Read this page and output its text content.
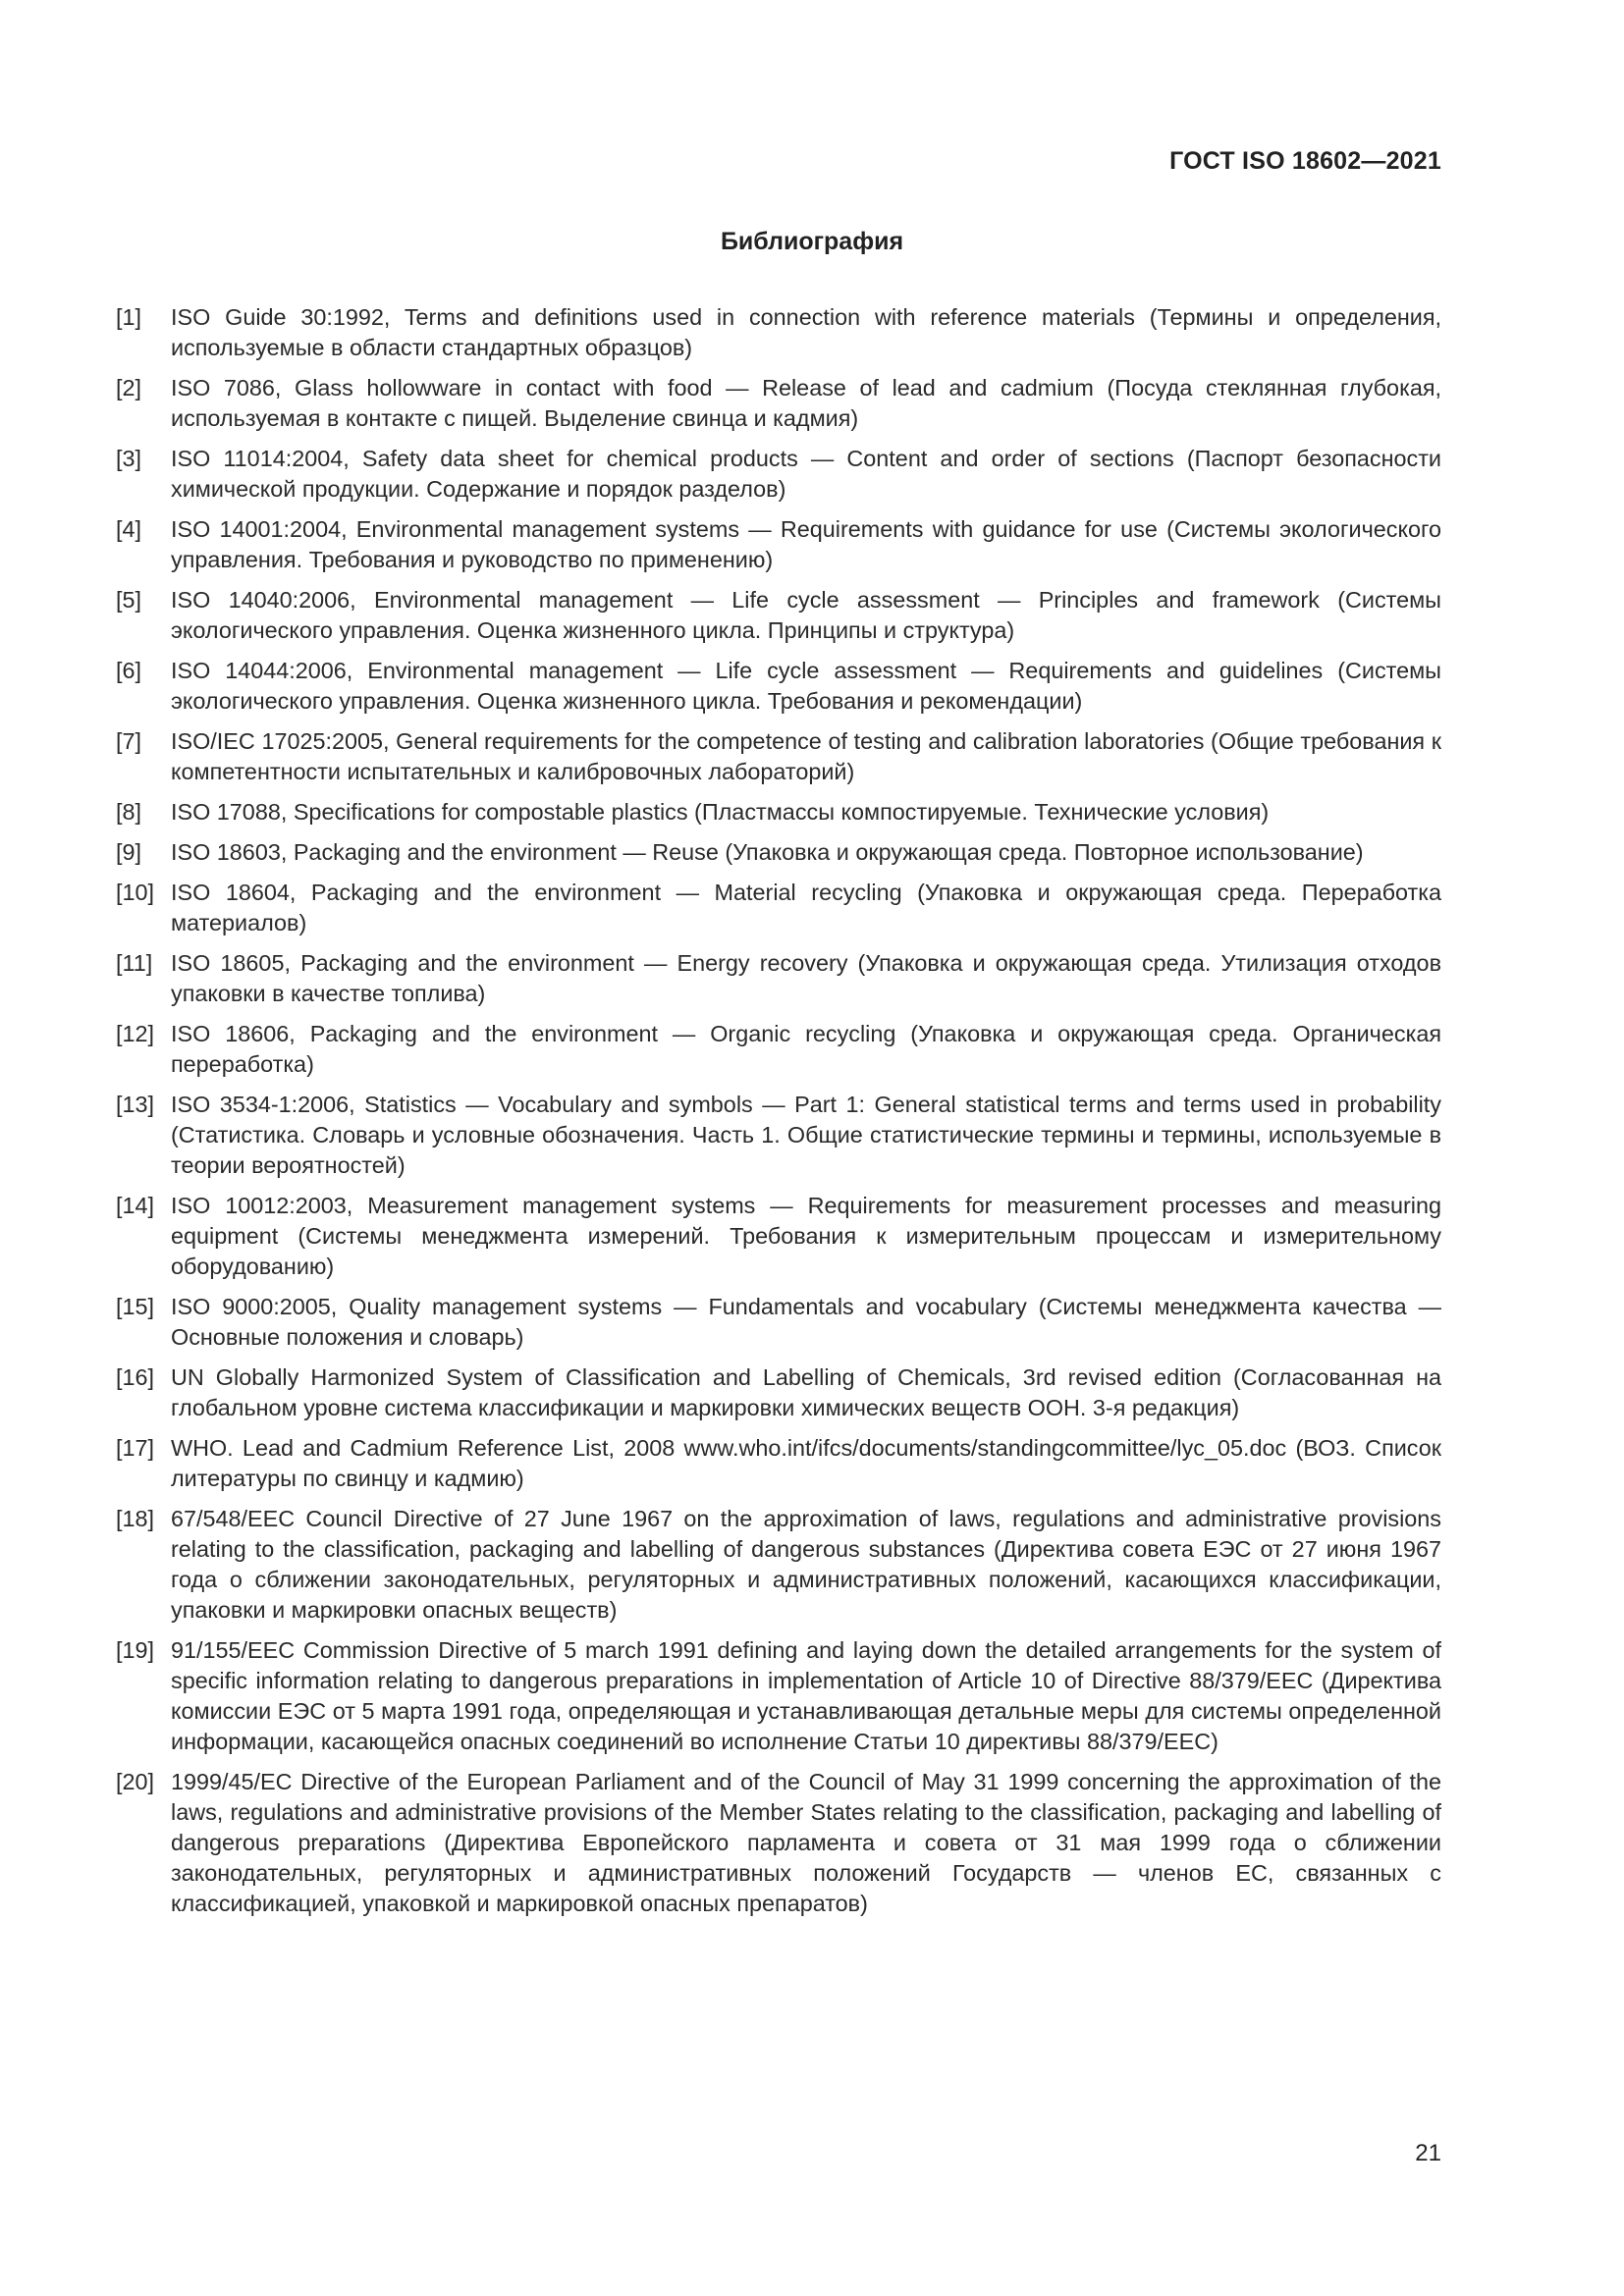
ГОСТ ISO 18602—2021
Библиография
[1]	ISO Guide 30:1992, Terms and definitions used in connection with reference materials (Термины и определения, используемые в области стандартных образцов)
[2]	ISO 7086, Glass hollowware in contact with food — Release of lead and cadmium (Посуда стеклянная глубокая, используемая в контакте с пищей. Выделение свинца и кадмия)
[3]	ISO 11014:2004, Safety data sheet for chemical products — Content and order of sections (Паспорт безопасности химической продукции. Содержание и порядок разделов)
[4]	ISO 14001:2004, Environmental management systems — Requirements with guidance for use (Системы экологического управления. Требования и руководство по применению)
[5]	ISO 14040:2006, Environmental management — Life cycle assessment — Principles and framework (Системы экологического управления. Оценка жизненного цикла. Принципы и структура)
[6]	ISO 14044:2006, Environmental management — Life cycle assessment — Requirements and guidelines (Системы экологического управления. Оценка жизненного цикла. Требования и рекомендации)
[7]	ISO/IEC 17025:2005, General requirements for the competence of testing and calibration laboratories (Общие требования к компетентности испытательных и калибровочных лабораторий)
[8]	ISO 17088, Specifications for compostable plastics (Пластмассы компостируемые. Технические условия)
[9]	ISO 18603, Packaging and the environment — Reuse (Упаковка и окружающая среда. Повторное использование)
[10] ISO 18604, Packaging and the environment — Material recycling (Упаковка и окружающая среда. Переработка материалов)
[11] ISO 18605, Packaging and the environment — Energy recovery (Упаковка и окружающая среда. Утилизация отходов упаковки в качестве топлива)
[12] ISO 18606, Packaging and the environment — Organic recycling (Упаковка и окружающая среда. Органическая переработка)
[13] ISO 3534-1:2006, Statistics — Vocabulary and symbols — Part 1: General statistical terms and terms used in probability (Статистика. Словарь и условные обозначения. Часть 1. Общие статистические термины и термины, используемые в теории вероятностей)
[14] ISO 10012:2003, Measurement management systems — Requirements for measurement processes and measuring equipment (Системы менеджмента измерений. Требования к измерительным процессам и измерительному оборудованию)
[15] ISO 9000:2005, Quality management systems — Fundamentals and vocabulary (Системы менеджмента качества — Основные положения и словарь)
[16] UN Globally Harmonized System of Classification and Labelling of Chemicals, 3rd revised edition (Согласованная на глобальном уровне система классификации и маркировки химических веществ ООН. 3-я редакция)
[17] WHO. Lead and Cadmium Reference List, 2008 www.who.int/ifcs/documents/standingcommittee/lyc_05.doc (ВОЗ. Список литературы по свинцу и кадмию)
[18] 67/548/EEC Council Directive of 27 June 1967 on the approximation of laws, regulations and administrative provisions relating to the classification, packaging and labelling of dangerous substances (Директива совета ЕЭС от 27 июня 1967 года о сближении законодательных, регуляторных и административных положений, касающихся классификации, упаковки и маркировки опасных веществ)
[19] 91/155/EEC Commission Directive of 5 march 1991 defining and laying down the detailed arrangements for the system of specific information relating to dangerous preparations in implementation of Article 10 of Directive 88/379/EEC (Директива комиссии ЕЭС от 5 марта 1991 года, определяющая и устанавливающая детальные меры для системы определенной информации, касающейся опасных соединений во исполнение Статьи 10 директивы 88/379/EEC)
[20] 1999/45/EC Directive of the European Parliament and of the Council of May 31 1999 concerning the approximation of the laws, regulations and administrative provisions of the Member States relating to the classification, packaging and labelling of dangerous preparations (Директива Европейского парламента и совета от 31 мая 1999 года о сближении законодательных, регуляторных и административных положений Государств — членов ЕС, связанных с классификацией, упаковкой и маркировкой опасных препаратов)
21
